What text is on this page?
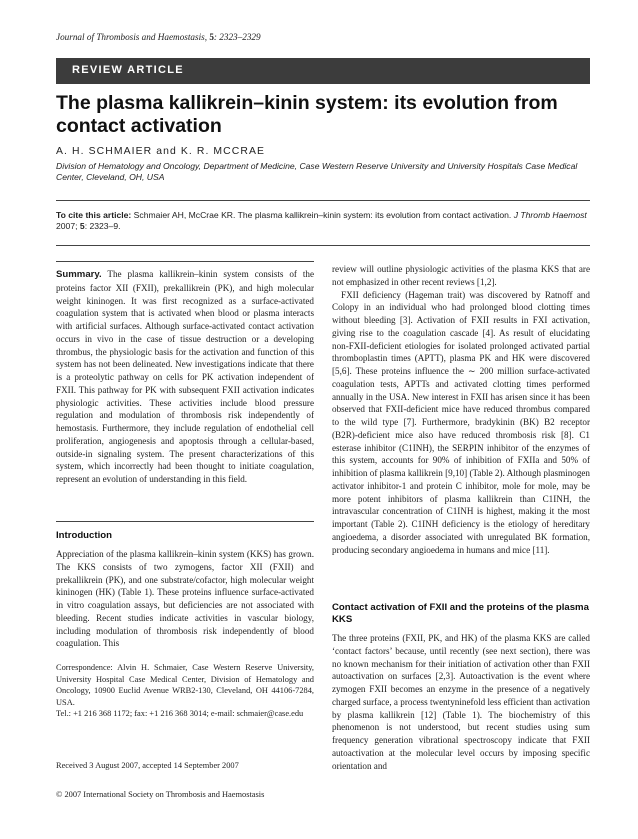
Journal of Thrombosis and Haemostasis, 5: 2323–2329
REVIEW ARTICLE
The plasma kallikrein–kinin system: its evolution from contact activation
A. H. SCHMAIER and K. R. MCCRAE
Division of Hematology and Oncology, Department of Medicine, Case Western Reserve University and University Hospitals Case Medical Center, Cleveland, OH, USA
To cite this article: Schmaier AH, McCrae KR. The plasma kallikrein–kinin system: its evolution from contact activation. J Thromb Haemost 2007; 5: 2323–9.

Summary. The plasma kallikrein–kinin system consists of the proteins factor XII (FXII), prekallikrein (PK), and high molecular weight kininogen. It was first recognized as a surface-activated coagulation system that is activated when blood or plasma interacts with artificial surfaces. Although surface-activated contact activation occurs in vivo in the case of tissue destruction or a developing thrombus, the physiologic basis for the activation and function of this system has not been delineated. New investigations indicate that there is a proteolytic pathway on cells for PK activation independent of FXII. This pathway for PK with subsequent FXII activation indicates physiologic activities. These activities include blood pressure regulation and modulation of thrombosis risk independently of hemostasis. Furthermore, they include regulation of endothelial cell proliferation, angiogenesis and apoptosis through a cellular-based, outside-in signaling system. The present characterizations of this system, which incorrectly had been thought to initiate coagulation, represent an evolution of understanding in this field.

Introduction

Appreciation of the plasma kallikrein–kinin system (KKS) has grown. The KKS consists of two zymogens, factor XII (FXII) and prekallikrein (PK), and one substrate/cofactor, high molecular weight kininogen (HK) (Table 1). These proteins influence surface-activated in vitro coagulation assays, but deficiencies are not associated with bleeding. Recent studies indicate activities in vascular biology, including modulation of thrombosis risk independently of blood coagulation. This

Correspondence: Alvin H. Schmaier, Case Western Reserve University, University Hospital Case Medical Center, Division of Hematology and Oncology, 10900 Euclid Avenue WRB2-130, Cleveland, OH 44106-7284, USA.
Tel.: +1 216 368 1172; fax: +1 216 368 3014; e-mail: schmaier@case.edu
Received 3 August 2007, accepted 14 September 2007
© 2007 International Society on Thrombosis and Haemostasis

review will outline physiologic activities of the plasma KKS that are not emphasized in other recent reviews [1,2].

FXII deficiency (Hageman trait) was discovered by Ratnoff and Colopy in an individual who had prolonged blood clotting times without bleeding [3]. Activation of FXII results in FXI activation, giving rise to the coagulation cascade [4]. As result of elucidating non-FXII-deficient etiologies for isolated prolonged activated partial thromboplastin times (APTT), plasma PK and HK were discovered [5,6]. These proteins influence the ∼ 200 million surface-activated coagulation tests, APTTs and activated clotting times performed annually in the USA. New interest in FXII has arisen since it has been observed that FXII-deficient mice have reduced thrombus compared to the wild type [7]. Furthermore, bradykinin (BK) B2 receptor (B2R)-deficient mice also have reduced thrombosis risk [8]. C1 esterase inhibitor (C1INH), the SERPIN inhibitor of the enzymes of this system, accounts for 90% of inhibition of FXIIa and 50% of inhibition of plasma kallikrein [9,10] (Table 2). Although plasminogen activator inhibitor-1 and protein C inhibitor, mole for mole, may be more potent inhibitors of plasma kallikrein than C1INH, the intravascular concentration of C1INH is highest, making it the most important (Table 2). C1INH deficiency is the etiology of hereditary angioedema, a disorder associated with unregulated BK formation, producing secondary angioedema in humans and mice [11].

Contact activation of FXII and the proteins of the plasma KKS

The three proteins (FXII, PK, and HK) of the plasma KKS are called ‘contact factors’ because, until recently (see next section), there was no known mechanism for their initiation of activation other than FXII autoactivation on surfaces [2,3]. Autoactivation is the event where zymogen FXII becomes an enzyme in the presence of a negatively charged surface, a process twentyninefold less efficient than activation by plasma kallikrein [12] (Table 1). The biochemistry of this phenomenon is not understood, but recent studies using sum frequency generation vibrational spectroscopy indicate that FXII autoactivation at the molecular level occurs by imposing specific orientation and
